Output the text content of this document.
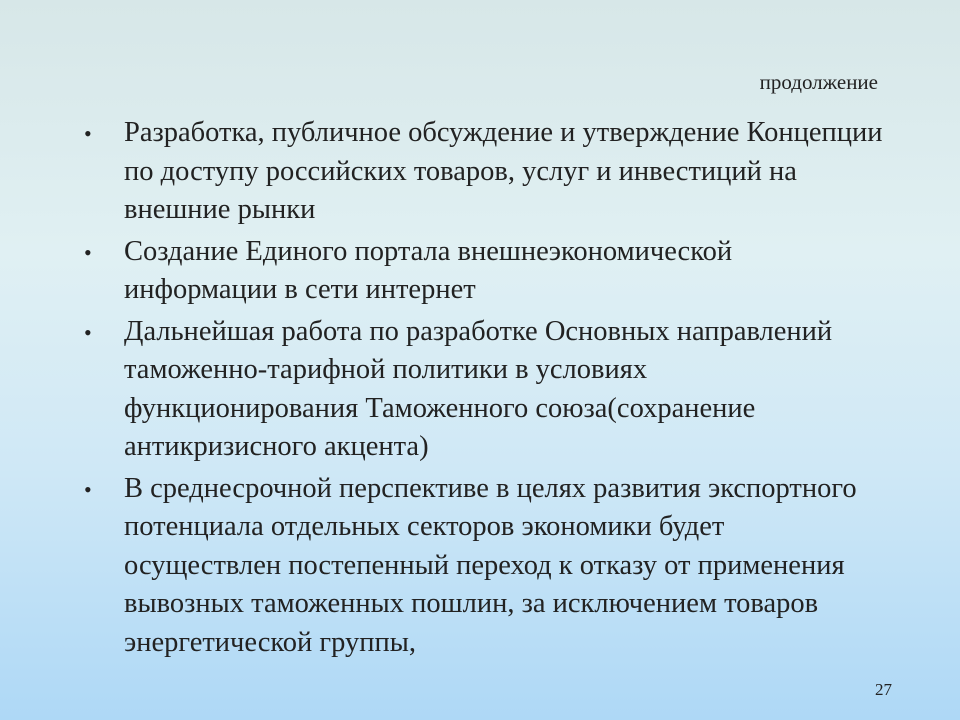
продолжение
• Разработка, публичное обсуждение и утверждение Концепции по доступу российских товаров, услуг и инвестиций на внешние рынки
• Создание Единого портала внешнеэкономической информации в сети интернет
• Дальнейшая работа по разработке Основных направлений таможенно-тарифной политики в условиях функционирования Таможенного союза(сохранение антикризисного акцента)
• В среднесрочной перспективе в целях развития экспортного потенциала отдельных секторов экономики будет осуществлен постепенный переход к отказу от применения вывозных таможенных пошлин, за исключением товаров энергетической группы,
27
